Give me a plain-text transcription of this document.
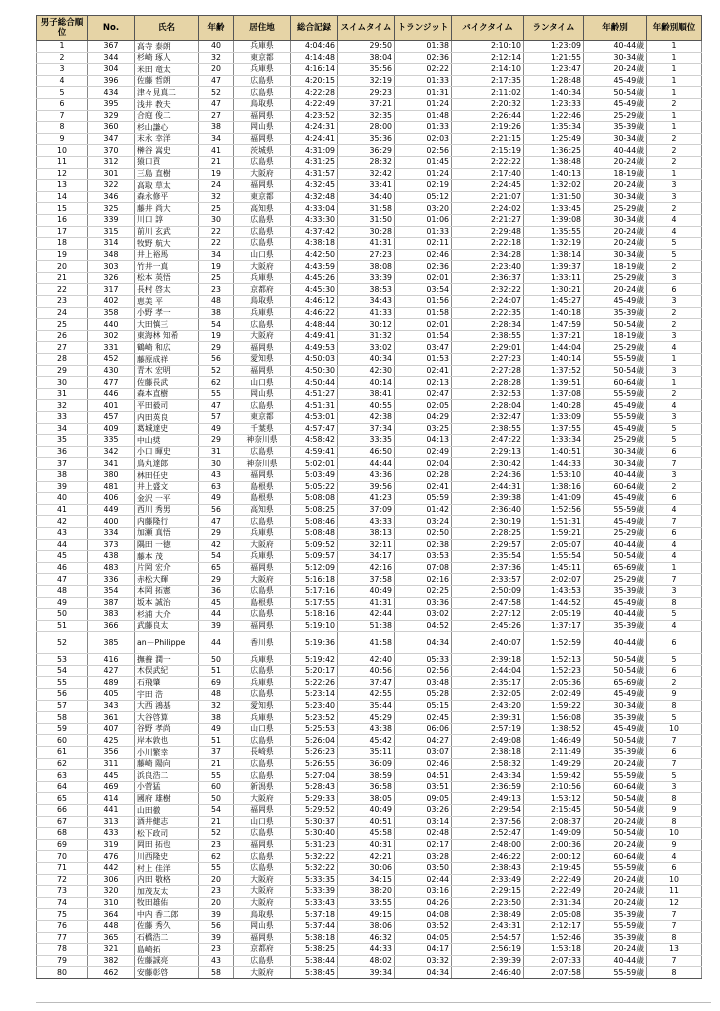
男子総合順位	No.	氏名	年齢	居住地	総合記録	スイムタイム	トランジット	バイクタイム	ランタイム	年齢別	年齢別順位
1	367	高寺 泰朗	40	兵庫県	4:04:46	29:50	01:38	2:10:10	1:23:09	40-44歳	1
2	344	杉崎 琢人	32	東京都	4:14:48	38:04	02:36	2:12:14	1:21:55	30-34歳	1
3	304	米田 竜太	20	兵庫県	4:16:14	35:56	02:22	2:14:10	1:23:47	20-24歳	1
4	396	佐藤 哲朗	47	広島県	4:20:15	32:19	01:33	2:17:35	1:28:48	45-49歳	1
5	434	津々見真二	52	広島県	4:22:28	29:23	01:31	2:11:02	1:40:34	50-54歳	1
6	395	浅井 教夫	47	鳥取県	4:22:49	37:21	01:24	2:20:32	1:23:33	45-49歳	2
7	329	合庭 俊二	27	福岡県	4:23:52	32:35	01:48	2:26:44	1:22:46	25-29歳	1
8	360	杉山謙心	38	岡山県	4:24:31	28:00	01:33	2:19:26	1:35:34	35-39歳	1
9	347	末永 幸洋	34	福岡県	4:24:41	35:36	02:03	2:21:15	1:25:49	30-34歳	2
10	370	榊谷 嵩史	41	茨城県	4:31:09	36:29	02:56	2:15:19	1:36:25	40-44歳	2
11	312	猿口貢	21	広島県	4:31:25	28:32	01:45	2:22:22	1:38:48	20-24歳	2
12	301	三島 直樹	19	大阪府	4:31:57	32:42	01:24	2:17:40	1:40:13	18-19歳	1
13	322	高取 草太	24	福岡県	4:32:45	33:41	02:19	2:24:45	1:32:02	20-24歳	3
14	346	森永修平	32	東京都	4:32:48	34:40	05:12	2:21:07	1:31:50	30-34歳	3
15	325	藤井 尚大	25	高知県	4:33:04	31:58	03:20	2:24:02	1:33:45	25-29歳	2
16	339	川口 諄	30	広島県	4:33:30	31:50	01:06	2:21:27	1:39:08	30-34歳	4
17	315	前川 玄武	22	広島県	4:37:42	30:28	01:33	2:29:48	1:35:55	20-24歳	4
18	314	牧野 航大	22	広島県	4:38:18	41:31	02:11	2:22:18	1:32:19	20-24歳	5
19	348	井上裕馬	34	山口県	4:42:50	27:23	02:46	2:34:28	1:38:14	30-34歳	5
20	303	竹井一真	19	大阪府	4:43:59	38:08	02:36	2:23:40	1:39:37	18-19歳	2
21	326	松本 英悟	25	兵庫県	4:45:26	33:39	02:01	2:36:37	1:33:11	25-29歳	3
22	317	長村 啓太	23	京都府	4:45:30	38:53	03:54	2:32:22	1:30:21	20-24歳	6
23	402	恵美 平	48	鳥取県	4:46:12	34:43	01:56	2:24:07	1:45:27	45-49歳	3
24	358	小野 孝一	38	兵庫県	4:46:22	41:33	01:58	2:22:35	1:40:18	35-39歳	2
25	440	大田慎三	54	広島県	4:48:44	30:12	02:01	2:28:34	1:47:59	50-54歳	2
26	302	東海林 知希	19	大阪府	4:49:41	31:32	01:54	2:38:55	1:37:21	18-19歳	3
27	331	鶴崎 和広	29	福岡県	4:49:53	33:02	03:47	2:29:01	1:44:04	25-29歳	4
28	452	藤原成祥	56	愛知県	4:50:03	40:34	01:53	2:27:23	1:40:14	55-59歳	1
29	430	青木 宏明	52	福岡県	4:50:30	42:30	02:41	2:27:28	1:37:52	50-54歳	3
30	477	佐藤長武	62	山口県	4:50:44	40:14	02:13	2:28:28	1:39:51	60-64歳	1
31	446	森本直樹	55	岡山県	4:51:27	38:41	02:47	2:32:53	1:37:08	55-59歳	2
32	401	平田毅司	47	広島県	4:51:31	40:55	02:05	2:28:04	1:40:28	45-49歳	4
33	457	内田英良	57	東京都	4:53:01	42:38	04:29	2:32:47	1:33:09	55-59歳	3
34	409	葛城達史	49	千葉県	4:57:47	37:34	03:25	2:38:55	1:37:55	45-49歳	5
35	335	中山奨	29	神奈川県	4:58:42	33:35	04:13	2:47:22	1:33:34	25-29歳	5
36	342	小口 暉史	31	広島県	4:59:41	46:50	02:49	2:29:13	1:40:51	30-34歳	6
37	341	鳥丸達郎	30	神奈川県	5:02:01	44:44	02:04	2:30:42	1:44:33	30-34歳	7
38	380	林田任史	43	福岡県	5:03:49	43:36	02:28	2:24:36	1:53:10	40-44歳	3
39	481	井上盛文	63	島根県	5:05:22	39:56	02:41	2:44:31	1:38:16	60-64歳	2
40	406	金沢 一平	49	島根県	5:08:08	41:23	05:59	2:39:38	1:41:09	45-49歳	6
41	449	西川 秀男	56	高知県	5:08:25	37:09	01:42	2:36:40	1:52:56	55-59歳	4
42	400	内藤隆行	47	広島県	5:08:46	43:33	03:24	2:30:19	1:51:31	45-49歳	7
43	334	加瀬 真悟	29	兵庫県	5:08:48	38:13	02:50	2:28:25	1:59:21	25-29歳	6
44	373	隅田 一徳	42	大阪府	5:09:52	32:11	02:38	2:29:57	2:05:07	40-44歳	4
45	438	藤本 茂	54	兵庫県	5:09:57	34:17	03:53	2:35:54	1:55:54	50-54歳	4
46	483	片岡 宏介	65	福岡県	5:12:09	42:16	07:08	2:37:36	1:45:11	65-69歳	1
47	336	赤松大輝	29	大阪府	5:16:18	37:58	02:16	2:33:57	2:02:07	25-29歳	7
48	354	本岡 拓憲	36	広島県	5:17:16	40:49	02:25	2:50:09	1:43:53	35-39歳	3
49	387	坂本 誠治	45	島根県	5:17:55	41:31	03:36	2:47:58	1:44:52	45-49歳	8
50	383	杉浦 大介	44	広島県	5:18:16	42:44	03:02	2:27:12	2:05:19	40-44歳	5
51	366	武藤良太	39	福岡県	5:19:10	51:38	04:52	2:45:26	1:37:17	35-39歳	4
52	385	an－Philippe	44	香川県	5:19:36	41:58	04:34	2:40:07	1:52:59	40-44歳	6
53	416	撫養 潤一	50	兵庫県	5:19:42	42:40	05:33	2:39:18	1:52:13	50-54歳	5
54	427	木俣武紀	51	広島県	5:20:17	40:56	02:56	2:44:04	1:52:23	50-54歳	6
55	489	石飛肇	69	兵庫県	5:22:26	37:47	03:48	2:35:17	2:05:36	65-69歳	2
56	405	宇田 浩	48	広島県	5:23:14	42:55	05:28	2:32:05	2:02:49	45-49歳	9
57	343	大西 鴻基	32	愛知県	5:23:40	35:44	05:15	2:43:20	1:59:22	30-34歳	8
58	361	大谷啓算	38	兵庫県	5:23:52	45:29	02:45	2:39:31	1:56:08	35-39歳	5
59	407	谷野 孝尚	49	山口県	5:25:53	43:38	06:06	2:57:19	1:38:52	45-49歳	10
60	425	岸本敦也	51	広島県	5:26:04	45:42	04:27	2:49:08	1:46:49	50-54歳	7
61	356	小川繁幸	37	長崎県	5:26:23	35:11	03:07	2:38:18	2:11:49	35-39歳	6
62	311	藤崎 陽向	21	広島県	5:26:55	36:09	02:46	2:58:32	1:49:29	20-24歳	7
63	445	浜良浩二	55	広島県	5:27:04	38:59	04:51	2:43:34	1:59:42	55-59歳	5
64	469	小菅猛	60	新潟県	5:28:43	36:58	03:51	2:36:59	2:10:56	60-64歳	3
65	414	國府 雄樹	50	大阪府	5:29:33	38:05	09:05	2:49:13	1:53:12	50-54歳	8
66	441	山田徹	54	福岡県	5:29:52	40:49	03:26	2:29:54	2:15:45	50-54歳	9
67	313	酒井健志	21	山口県	5:30:37	40:51	03:14	2:37:56	2:08:37	20-24歳	8
68	433	松下政司	52	広島県	5:30:40	45:58	02:48	2:52:47	1:49:09	50-54歳	10
69	319	岡田 拓也	23	福岡県	5:31:23	40:31	02:17	2:48:00	2:00:36	20-24歳	9
70	476	川西隆史	62	広島県	5:32:22	42:21	03:28	2:46:22	2:00:12	60-64歳	4
71	442	村上 佳洋	55	広島県	5:32:22	30:06	03:50	2:38:43	2:19:45	55-59歳	6
72	306	内田 敬格	20	大阪府	5:33:35	34:15	02:44	2:33:49	2:22:49	20-24歳	10
73	320	加茂友太	23	大阪府	5:33:39	38:20	03:16	2:29:15	2:22:49	20-24歳	11
74	310	牧田雄佑	20	大阪府	5:33:43	33:55	04:26	2:23:50	2:31:34	20-24歳	12
75	364	中内 香二郎	39	鳥取県	5:37:18	49:15	04:08	2:38:49	2:05:08	35-39歳	7
76	448	佐藤 秀久	56	岡山県	5:37:44	38:06	03:52	2:43:31	2:12:17	55-59歳	7
77	365	石橋浩二	39	福岡県	5:38:18	46:32	04:05	2:54:57	1:52:46	35-39歳	8
78	321	島崎拓	23	京都府	5:38:25	44:33	04:17	2:56:19	1:53:18	20-24歳	13
79	382	佐藤誠亮	43	広島県	5:38:44	48:02	03:32	2:39:39	2:07:33	40-44歳	7
80	462	安藤彰啓	58	大阪府	5:38:45	39:34	04:34	2:46:40	2:07:58	55-59歳	8
